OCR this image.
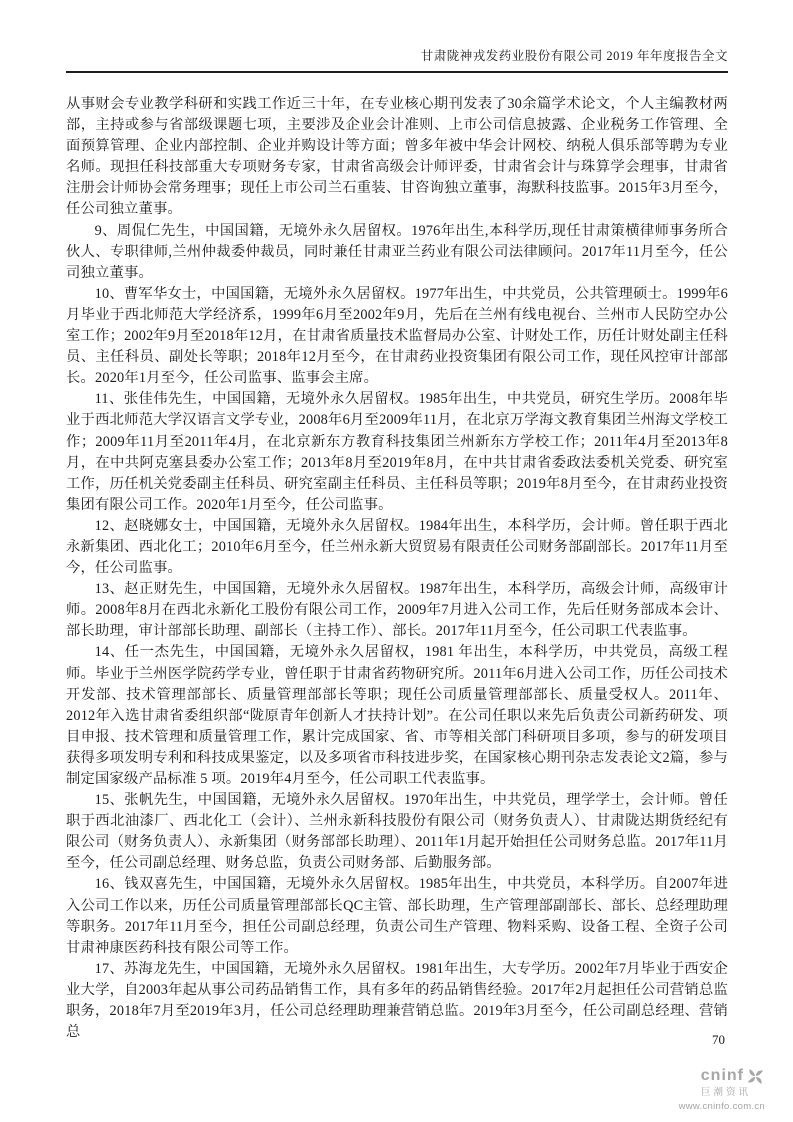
甘肃陇神戎发药业股份有限公司 2019 年年度报告全文

从事财会专业教学科研和实践工作近三十年，在专业核心期刊发表了30余篇学术论文，个人主编教材两部，主持或参与省部级课题七项，主要涉及企业会计准则、上市公司信息披露、企业税务工作管理、全面预算管理、企业内部控制、企业并购设计等方面；曾多年被中华会计网校、纳税人俱乐部等聘为专业名师。现担任科技部重大专项财务专家，甘肃省高级会计师评委，甘肃省会计与珠算学会理事，甘肃省注册会计师协会常务理事；现任上市公司兰石重装、甘咨询独立董事，海默科技监事。2015年3月至今，任公司独立董事。

9、周侃仁先生，中国国籍，无境外永久居留权。1976年出生,本科学历,现任甘肃策横律师事务所合伙人、专职律师,兰州仲裁委仲裁员，同时兼任甘肃亚兰药业有限公司法律顾问。2017年11月至今，任公司独立董事。

10、曹军华女士，中国国籍，无境外永久居留权。1977年出生，中共党员，公共管理硕士。1999年6月毕业于西北师范大学经济系，1999年6月至2002年9月，先后在兰州有线电视台、兰州市人民防空办公室工作；2002年9月至2018年12月，在甘肃省质量技术监督局办公室、计财处工作，历任计财处副主任科员、主任科员、副处长等职；2018年12月至今，在甘肃药业投资集团有限公司工作，现任风控审计部部长。2020年1月至今，任公司监事、监事会主席。

11、张佳伟先生，中国国籍，无境外永久居留权。1985年出生，中共党员，研究生学历。2008年毕业于西北师范大学汉语言文学专业，2008年6月至2009年11月，在北京万学海文教育集团兰州海文学校工作；2009年11月至2011年4月，在北京新东方教育科技集团兰州新东方学校工作；2011年4月至2013年8月，在中共阿克塞县委办公室工作；2013年8月至2019年8月，在中共甘肃省委政法委机关党委、研究室工作，历任机关党委副主任科员、研究室副主任科员、主任科员等职；2019年8月至今，在甘肃药业投资集团有限公司工作。2020年1月至今，任公司监事。

12、赵晓娜女士，中国国籍，无境外永久居留权。1984年出生，本科学历，会计师。曾任职于西北永新集团、西北化工；2010年6月至今，任兰州永新大贸贸易有限责任公司财务部副部长。2017年11月至今，任公司监事。

13、赵正财先生，中国国籍，无境外永久居留权。1987年出生，本科学历，高级会计师，高级审计师。2008年8月在西北永新化工股份有限公司工作，2009年7月进入公司工作，先后任财务部成本会计、部长助理，审计部部长助理、副部长（主持工作）、部长。2017年11月至今，任公司职工代表监事。

14、任一杰先生，中国国籍，无境外永久居留权，1981 年出生，本科学历，中共党员，高级工程师。毕业于兰州医学院药学专业，曾任职于甘肃省药物研究所。2011年6月进入公司工作，历任公司技术开发部、技术管理部部长、质量管理部部长等职；现任公司质量管理部部长、质量受权人。2011年、2012年入选甘肃省委组织部“陇原青年创新人才扶持计划”。在公司任职以来先后负责公司新药研发、项目申报、技术管理和质量管理工作，累计完成国家、省、市等相关部门科研项目多项，参与的研发项目获得多项发明专利和科技成果鉴定，以及多项省市科技进步奖，在国家核心期刊杂志发表论文2篇，参与制定国家级产品标准 5 项。2019年4月至今，任公司职工代表监事。

15、张帆先生，中国国籍，无境外永久居留权。1970年出生，中共党员，理学学士，会计师。曾任职于西北油漆厂、西北化工（会计）、兰州永新科技股份有限公司（财务负责人）、甘肃陇达期货经纪有限公司（财务负责人）、永新集团（财务部部长助理）、2011年1月起开始担任公司财务总监。2017年11月至今，任公司副总经理、财务总监，负责公司财务部、后勤服务部。

16、钱双喜先生，中国国籍，无境外永久居留权。1985年出生，中共党员，本科学历。自2007年进入公司工作以来，历任公司质量管理部部长QC主管、部长助理，生产管理部副部长、部长、总经理助理等职务。2017年11月至今，担任公司副总经理，负责公司生产管理、物料采购、设备工程、全资子公司甘肃神康医药科技有限公司等工作。

17、苏海龙先生，中国国籍，无境外永久居留权。1981年出生，大专学历。2002年7月毕业于西安企业大学，自2003年起从事公司药品销售工作，具有多年的药品销售经验。2017年2月起担任公司营销总监职务，2018年7月至2019年3月，任公司总经理助理兼营销总监。2019年3月至今，任公司副总经理、营销总	70
cninf
巨潮资讯
www.cninfo.com.cn
